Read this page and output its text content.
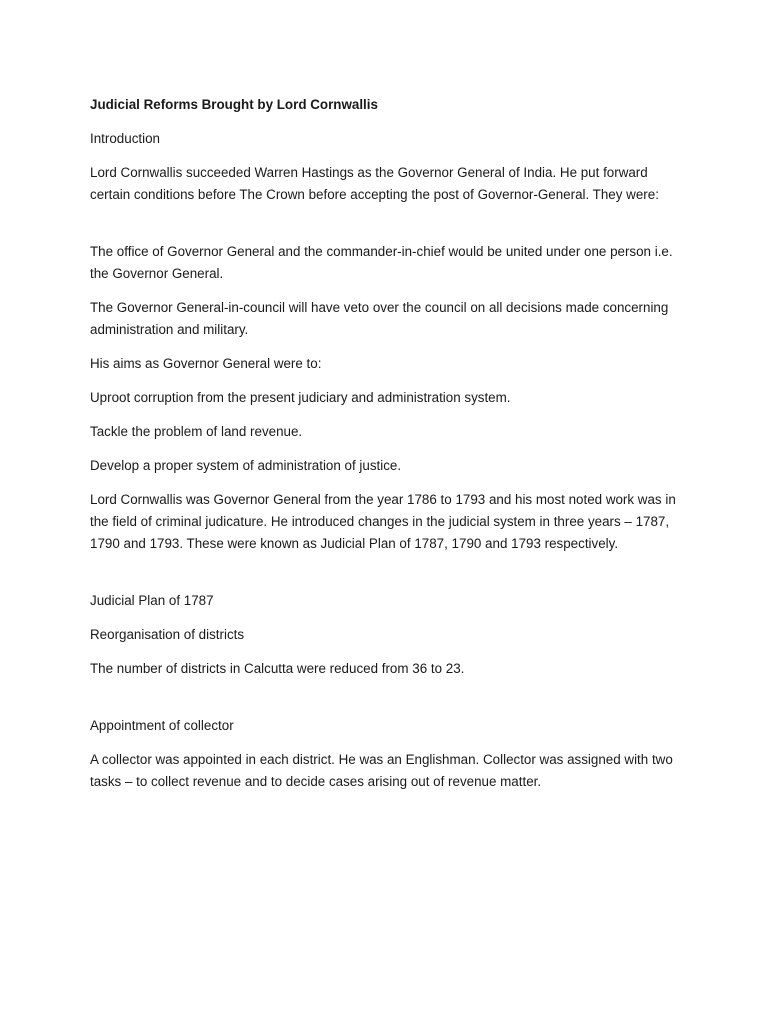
Judicial Reforms Brought by Lord Cornwallis

Introduction

Lord Cornwallis succeeded Warren Hastings as the Governor General of India. He put forward certain conditions before The Crown before accepting the post of Governor-General. They were:

The office of Governor General and the commander-in-chief would be united under one person i.e. the Governor General.

The Governor General-in-council will have veto over the council on all decisions made concerning administration and military.

His aims as Governor General were to:

Uproot corruption from the present judiciary and administration system.

Tackle the problem of land revenue.

Develop a proper system of administration of justice.

Lord Cornwallis was Governor General from the year 1786 to 1793 and his most noted work was in the field of criminal judicature. He introduced changes in the judicial system in three years – 1787, 1790 and 1793. These were known as Judicial Plan of 1787, 1790 and 1793 respectively.

Judicial Plan of 1787

Reorganisation of districts

The number of districts in Calcutta were reduced from 36 to 23.

Appointment of collector

A collector was appointed in each district. He was an Englishman. Collector was assigned with two tasks – to collect revenue and to decide cases arising out of revenue matter.
